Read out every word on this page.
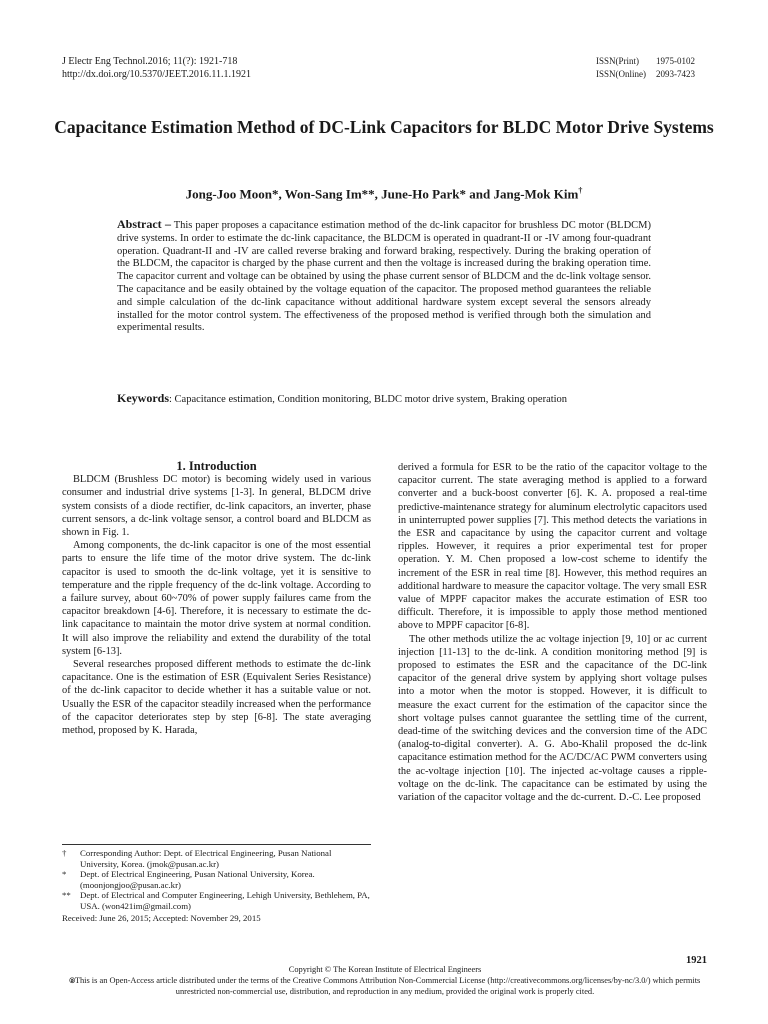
J Electr Eng Technol.2016; 11(?): 1921-718
http://dx.doi.org/10.5370/JEET.2016.11.1.1921
ISSN(Print)	1975-0102
ISSN(Online)	2093-7423
Capacitance Estimation Method of DC-Link Capacitors for BLDC Motor Drive Systems
Jong-Joo Moon*, Won-Sang Im**, June-Ho Park* and Jang-Mok Kim†
Abstract – This paper proposes a capacitance estimation method of the dc-link capacitor for brushless DC motor (BLDCM) drive systems. In order to estimate the dc-link capacitance, the BLDCM is operated in quadrant-II or -IV among four-quadrant operation. Quadrant-II and -IV are called reverse braking and forward braking, respectively. During the braking operation of the BLDCM, the capacitor is charged by the phase current and then the voltage is increased during the braking operation time. The capacitor current and voltage can be obtained by using the phase current sensor of BLDCM and the dc-link voltage sensor. The capacitance and be easily obtained by the voltage equation of the capacitor. The proposed method guarantees the reliable and simple calculation of the dc-link capacitance without additional hardware system except several the sensors already installed for the motor control system. The effectiveness of the proposed method is verified through both the simulation and experimental results.
Keywords: Capacitance estimation, Condition monitoring, BLDC motor drive system, Braking operation

1. Introduction

BLDCM (Brushless DC motor) is becoming widely used in various consumer and industrial drive systems [1-3]. In general, BLDCM drive system consists of a diode rectifier, dc-link capacitors, an inverter, phase current sensors, a dc-link voltage sensor, a control board and BLDCM as shown in Fig. 1.

Among components, the dc-link capacitor is one of the most essential parts to ensure the life time of the motor drive system. The dc-link capacitor is used to smooth the dc-link voltage, yet it is sensitive to temperature and the ripple frequency of the dc-link voltage. According to a failure survey, about 60~70% of power supply failures came from the capacitor breakdown [4-6]. Therefore, it is necessary to estimate the dc-link capacitance to maintain the motor drive system at normal condition. It will also improve the reliability and extend the durability of the total system [6-13].

Several researches proposed different methods to estimate the dc-link capacitance. One is the estimation of ESR (Equivalent Series Resistance) of the dc-link capacitor to decide whether it has a suitable value or not. Usually the ESR of the capacitor steadily increased when the performance of the capacitor deteriorates step by step [6-8]. The state averaging method, proposed by K. Harada,

derived a formula for ESR to be the ratio of the capacitor voltage to the capacitor current. The state averaging method is applied to a forward converter and a buck-boost converter [6]. K. A. proposed a real-time predictive-maintenance strategy for aluminum electrolytic capacitors used in uninterrupted power supplies [7]. This method detects the variations in the ESR and capacitance by using the capacitor current and voltage ripples. However, it requires a prior experimental test for proper operation. Y. M. Chen proposed a low-cost scheme to identify the increment of the ESR in real time [8]. However, this method requires an additional hardware to measure the capacitor voltage. The very small ESR value of MPPF capacitor makes the accurate estimation of ESR too difficult. Therefore, it is impossible to apply those method mentioned above to MPPF capacitor [6-8].

The other methods utilize the ac voltage injection [9, 10] or ac current injection [11-13] to the dc-link. A condition monitoring method [9] is proposed to estimates the ESR and the capacitance of the DC-link capacitor of the general drive system by applying short voltage pulses into a motor when the motor is stopped. However, it is difficult to measure the exact current for the estimation of the capacitor since the short voltage pulses cannot guarantee the settling time of the current, dead-time of the switching devices and the conversion time of the ADC (analog-to-digital converter). A. G. Abo-Khalil proposed the dc-link capacitance estimation method for the AC/DC/AC PWM converters using the ac-voltage injection [10]. The injected ac-voltage causes a ripple-voltage on the dc-link. The capacitance can be estimated by using the variation of the capacitor voltage and the dc-current. D.-C. Lee proposed

†	Corresponding Author: Dept. of Electrical Engineering, Pusan National University, Korea. (jmok@pusan.ac.kr)
*	Dept. of Electrical Engineering, Pusan National University, Korea. (moonjongjoo@pusan.ac.kr)
**	Dept. of Electrical and Computer Engineering, Lehigh University, Bethlehem, PA, USA. (won421im@gmail.com)
Received: June 26, 2015; Accepted: November 29, 2015
1921
Copyright © The Korean Institute of Electrical Engineers
🄍This is an Open-Access article distributed under the terms of the Creative Commons Attribution Non-Commercial License (http://creativecommons.org/licenses/by-nc/3.0/) which permits unrestricted non-commercial use, distribution, and reproduction in any medium, provided the original work is properly cited.
